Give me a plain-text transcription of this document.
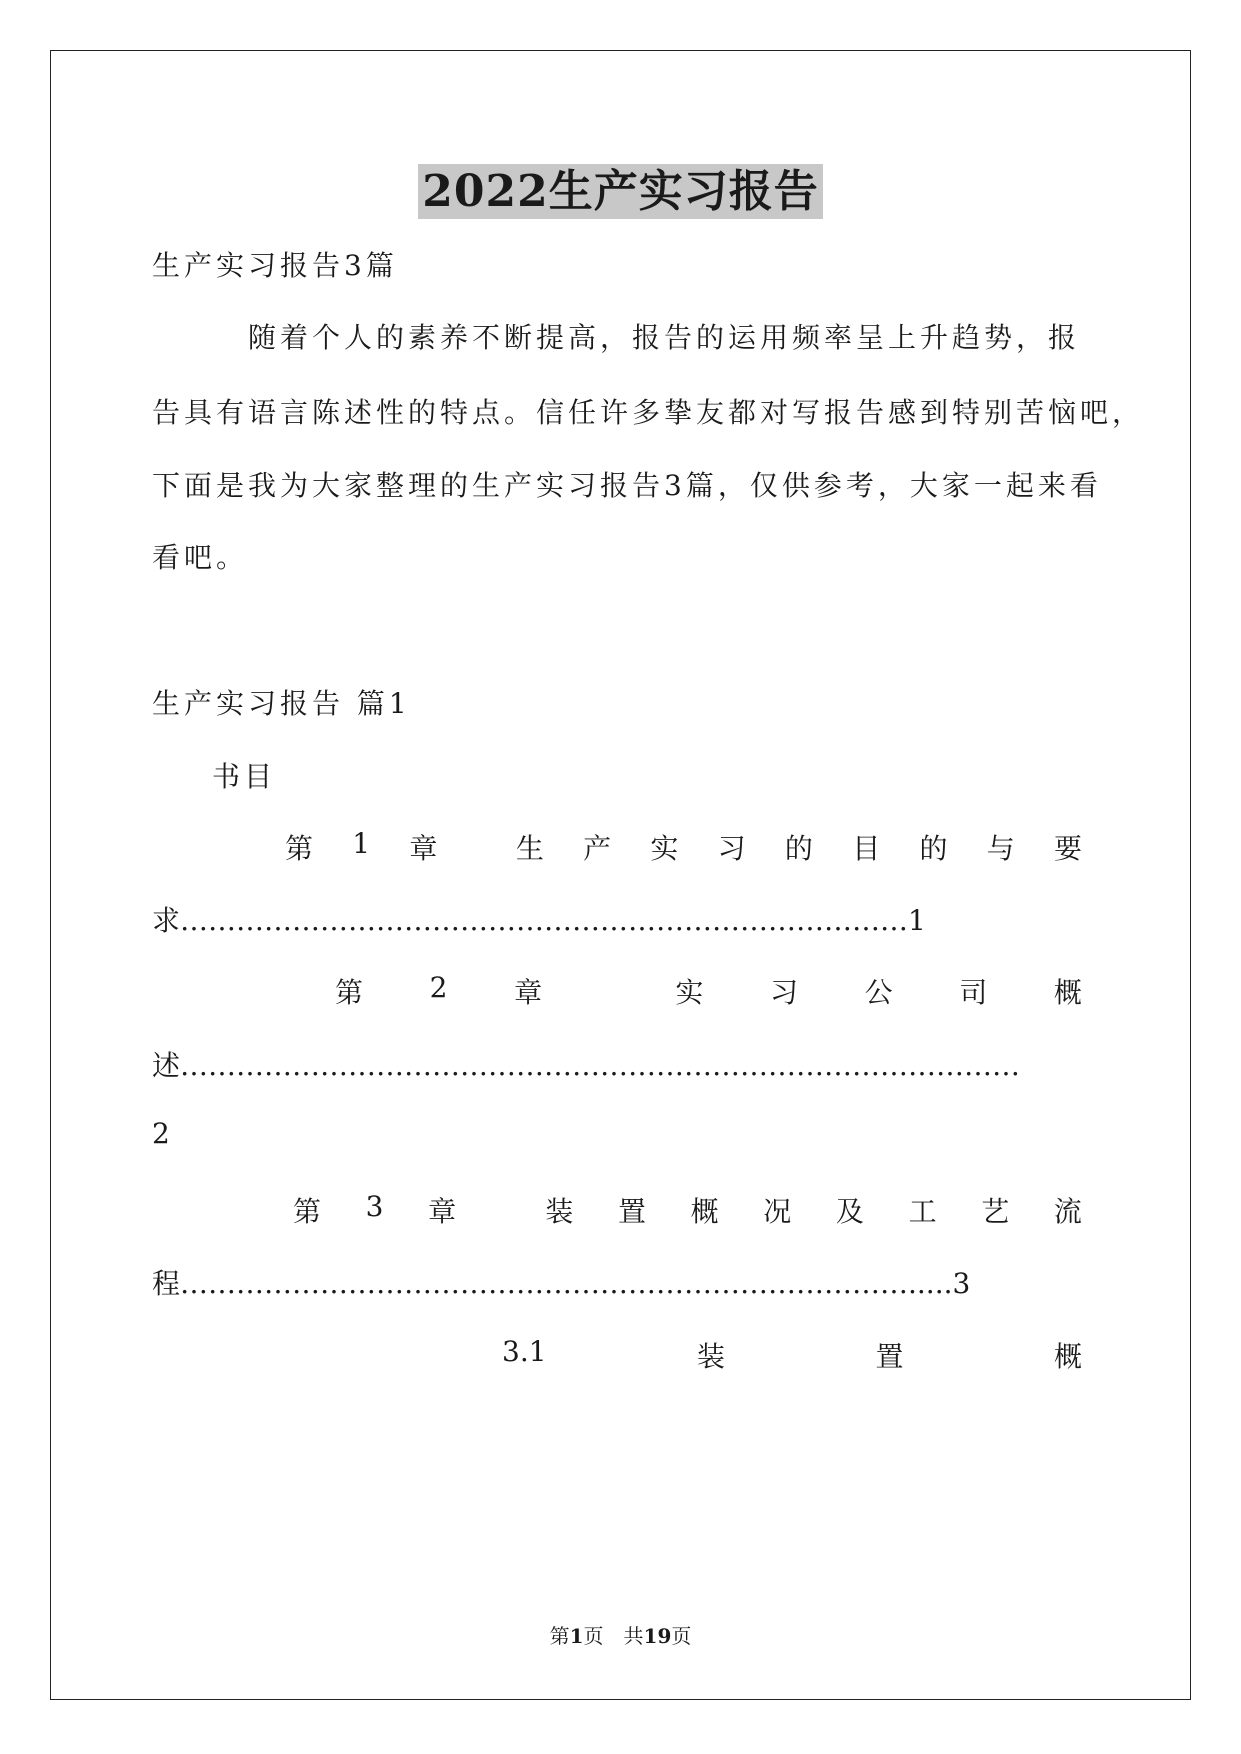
2022生产实习报告
生产实习报告3篇
随着个人的素养不断提高，报告的运用频率呈上升趋势，报
告具有语言陈述性的特点。信任许多挚友都对写报告感到特别苦恼吧，
下面是我为大家整理的生产实习报告3篇，仅供参考，大家一起来看
看吧。
生产实习报告 篇1
书目
第 1 章	生 产 实 习 的 目 的 与 要
求……………………………………………………………………1
第 2 章	实 习 公 司 概
述………………………………………………………………………………
2
第 3 章	装 置 概 况 及 工 艺 流
程…………………………………………………………………….....3
3.1	装	置	概
第1页　共19页
